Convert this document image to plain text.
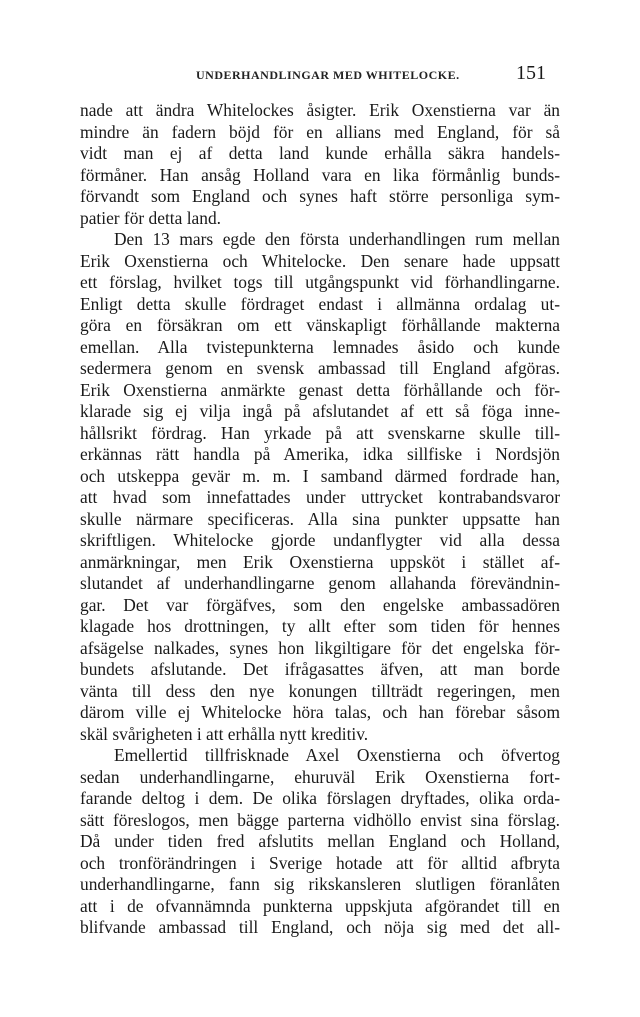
UNDERHANDLINGAR MED WHITELOCKE.	151
nade att ändra Whitelockes åsigter. Erik Oxenstierna var än
mindre än fadern böjd för en allians med England, för så
vidt man ej af detta land kunde erhålla säkra handels-
förmåner. Han ansåg Holland vara en lika förmånlig bunds-
förvandt som England och synes haft större personliga sym-
patier för detta land.
Den 13 mars egde den första underhandlingen rum mellan
Erik Oxenstierna och Whitelocke. Den senare hade uppsatt
ett förslag, hvilket togs till utgångspunkt vid förhandlingarne.
Enligt detta skulle fördraget endast i allmänna ordalag ut-
göra en försäkran om ett vänskapligt förhållande makterna
emellan. Alla tvistepunkterna lemnades åsido och kunde
sedermera genom en svensk ambassad till England afgöras.
Erik Oxenstierna anmärkte genast detta förhållande och för-
klarade sig ej vilja ingå på afslutandet af ett så föga inne-
hållsrikt fördrag. Han yrkade på att svenskarne skulle till-
erkännas rätt handla på Amerika, idka sillfiske i Nordsjön
och utskeppa gevär m. m. I samband därmed fordrade han,
att hvad som innefattades under uttrycket kontrabandsvaror
skulle närmare specificeras. Alla sina punkter uppsatte han
skriftligen. Whitelocke gjorde undanflygter vid alla dessa
anmärkningar, men Erik Oxenstierna uppsköt i stället af-
slutandet af underhandlingarne genom allahanda förevändnin-
gar. Det var förgäfves, som den engelske ambassadören
klagade hos drottningen, ty allt efter som tiden för hennes
afsägelse nalkades, synes hon likgiltigare för det engelska för-
bundets afslutande. Det ifrågasattes äfven, att man borde
vänta till dess den nye konungen tillträdt regeringen, men
därom ville ej Whitelocke höra talas, och han förebar såsom
skäl svårigheten i att erhålla nytt kreditiv.
Emellertid tillfrisknade Axel Oxenstierna och öfvertog
sedan underhandlingarne, ehuruväl Erik Oxenstierna fort-
farande deltog i dem. De olika förslagen dryftades, olika orda-
sätt föreslogos, men bägge parterna vidhöllo envist sina förslag.
Då under tiden fred afslutits mellan England och Holland,
och tronförändringen i Sverige hotade att för alltid afbryta
underhandlingarne, fann sig rikskansleren slutligen föranlåten
att i de ofvannämnda punkterna uppskjuta afgörandet till en
blifvande ambassad till England, och nöja sig med det all-
